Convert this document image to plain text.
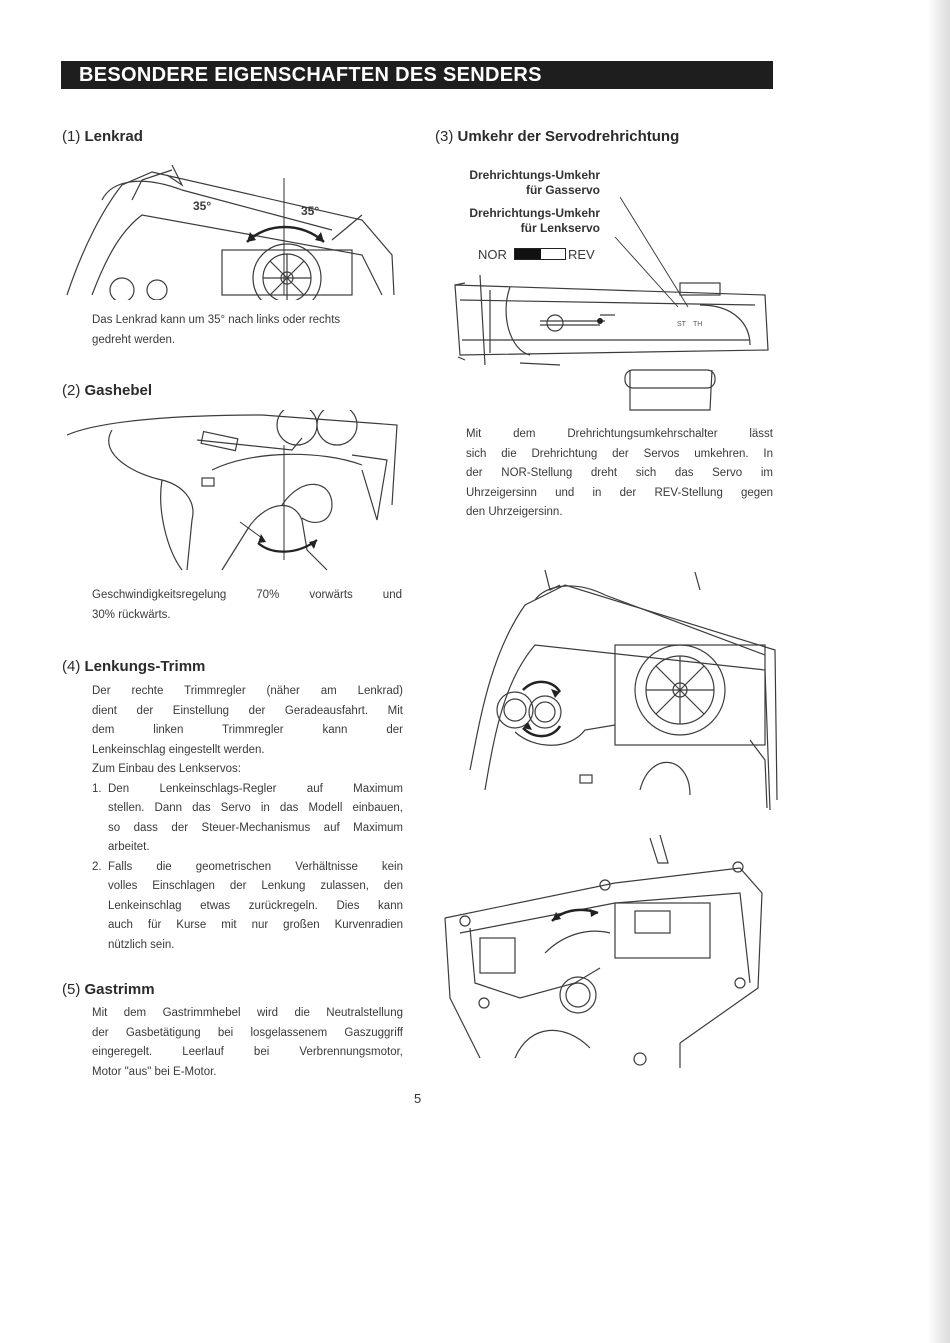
BESONDERE EIGENSCHAFTEN DES SENDERS
(1) Lenkrad
35°	35°
Das Lenkrad kann um 35° nach links oder rechts
gedreht werden.
(2) Gashebel
Geschwindigkeitsregelung 70% vorwärts und
30% rückwärts.
(4) Lenkungs-Trimm
Der rechte Trimmregler (näher am Lenkrad)
dient der Einstellung der Geradeausfahrt. Mit
dem linken Trimmregler kann der
Lenkeinschlag eingestellt werden.
Zum Einbau des Lenkservos:
1. Den Lenkeinschlags-Regler auf Maximum
stellen. Dann das Servo in das Modell einbauen,
so dass der Steuer-Mechanismus auf Maximum
arbeitet.
2. Falls die geometrischen Verhältnisse kein
volles Einschlagen der Lenkung zulassen, den
Lenkeinschlag etwas zurückregeln. Dies kann
auch für Kurse mit nur großen Kurvenradien
nützlich sein.
(5) Gastrimm
Mit dem Gastrimmhebel wird die Neutralstellung
der Gasbetätigung bei losgelassenem Gaszuggriff
eingeregelt. Leerlauf bei Verbrennungsmotor,
Motor "aus" bei E-Motor.
(3) Umkehr der Servodrehrichtung
Drehrichtungs-Umkehr
für Gasservo
Drehrichtungs-Umkehr
für Lenkservo
NOR	REV
ST TH
Mit dem Drehrichtungsumkehrschalter lässt
sich die Drehrichtung der Servos umkehren. In
der NOR-Stellung dreht sich das Servo im
Uhrzeigersinn und in der REV-Stellung gegen
den Uhrzeigersinn.
5
